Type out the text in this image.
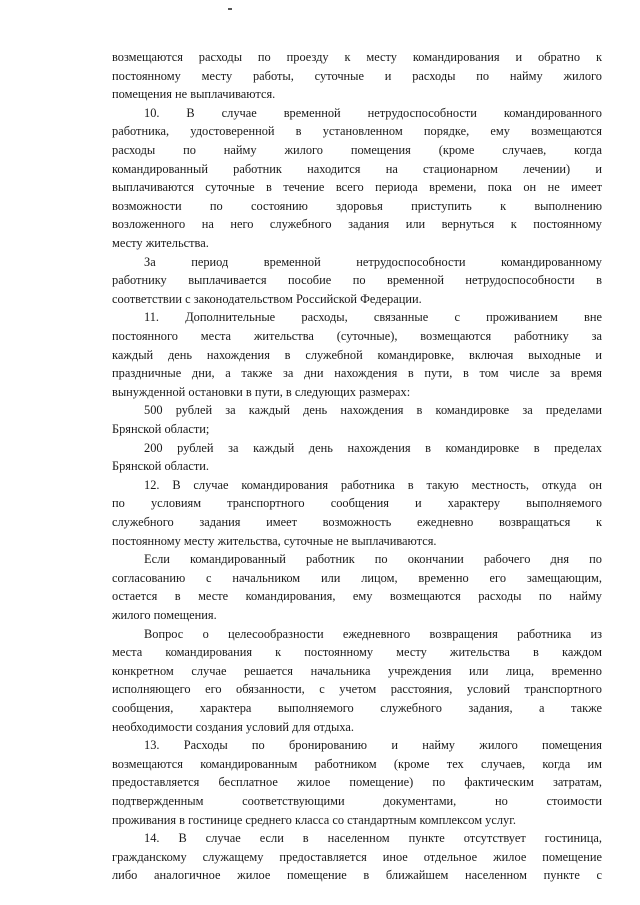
возмещаются расходы по проезду к месту командирования и обратно к
постоянному месту работы, суточные и расходы по найму жилого
помещения не выплачиваются.
10. В случае временной нетрудоспособности командированного
работника, удостоверенной в установленном порядке, ему возмещаются
расходы по найму жилого помещения (кроме случаев, когда
командированный работник находится на стационарном лечении) и
выплачиваются суточные в течение всего периода времени, пока он не имеет
возможности по состоянию здоровья приступить к выполнению
возложенного на него служебного задания или вернуться к постоянному
месту жительства.
За период временной нетрудоспособности командированному
работнику выплачивается пособие по временной нетрудоспособности в
соответствии с законодательством Российской Федерации.
11. Дополнительные расходы, связанные с проживанием вне
постоянного места жительства (суточные), возмещаются работнику за
каждый день нахождения в служебной командировке, включая выходные и
праздничные дни, а также за дни нахождения в пути, в том числе за время
вынужденной остановки в пути, в следующих размерах:
500 рублей за каждый день нахождения в командировке за пределами
Брянской области;
200 рублей за каждый день нахождения в командировке в пределах
Брянской области.
12. В случае командирования работника в такую местность, откуда он
по условиям транспортного сообщения и характеру выполняемого
служебного задания имеет возможность ежедневно возвращаться к
постоянному месту жительства, суточные не выплачиваются.
Если командированный работник по окончании рабочего дня по
согласованию с начальником или лицом, временно его замещающим,
остается в месте командирования, ему возмещаются расходы по найму
жилого помещения.
Вопрос о целесообразности ежедневного возвращения работника из
места командирования к постоянному месту жительства в каждом
конкретном случае решается начальника учреждения или лица, временно
исполняющего его обязанности, с учетом расстояния, условий транспортного
сообщения, характера выполняемого служебного задания, а также
необходимости создания условий для отдыха.
13. Расходы по бронированию и найму жилого помещения
возмещаются командированным работником (кроме тех случаев, когда им
предоставляется бесплатное жилое помещение) по фактическим затратам,
подтвержденным соответствующими документами, но стоимости
проживания в гостинице среднего класса со стандартным комплексом услуг.
14. В случае если в населенном пункте отсутствует гостиница,
гражданскому служащему предоставляется иное отдельное жилое помещение
либо аналогичное жилое помещение в ближайшем населенном пункте с
